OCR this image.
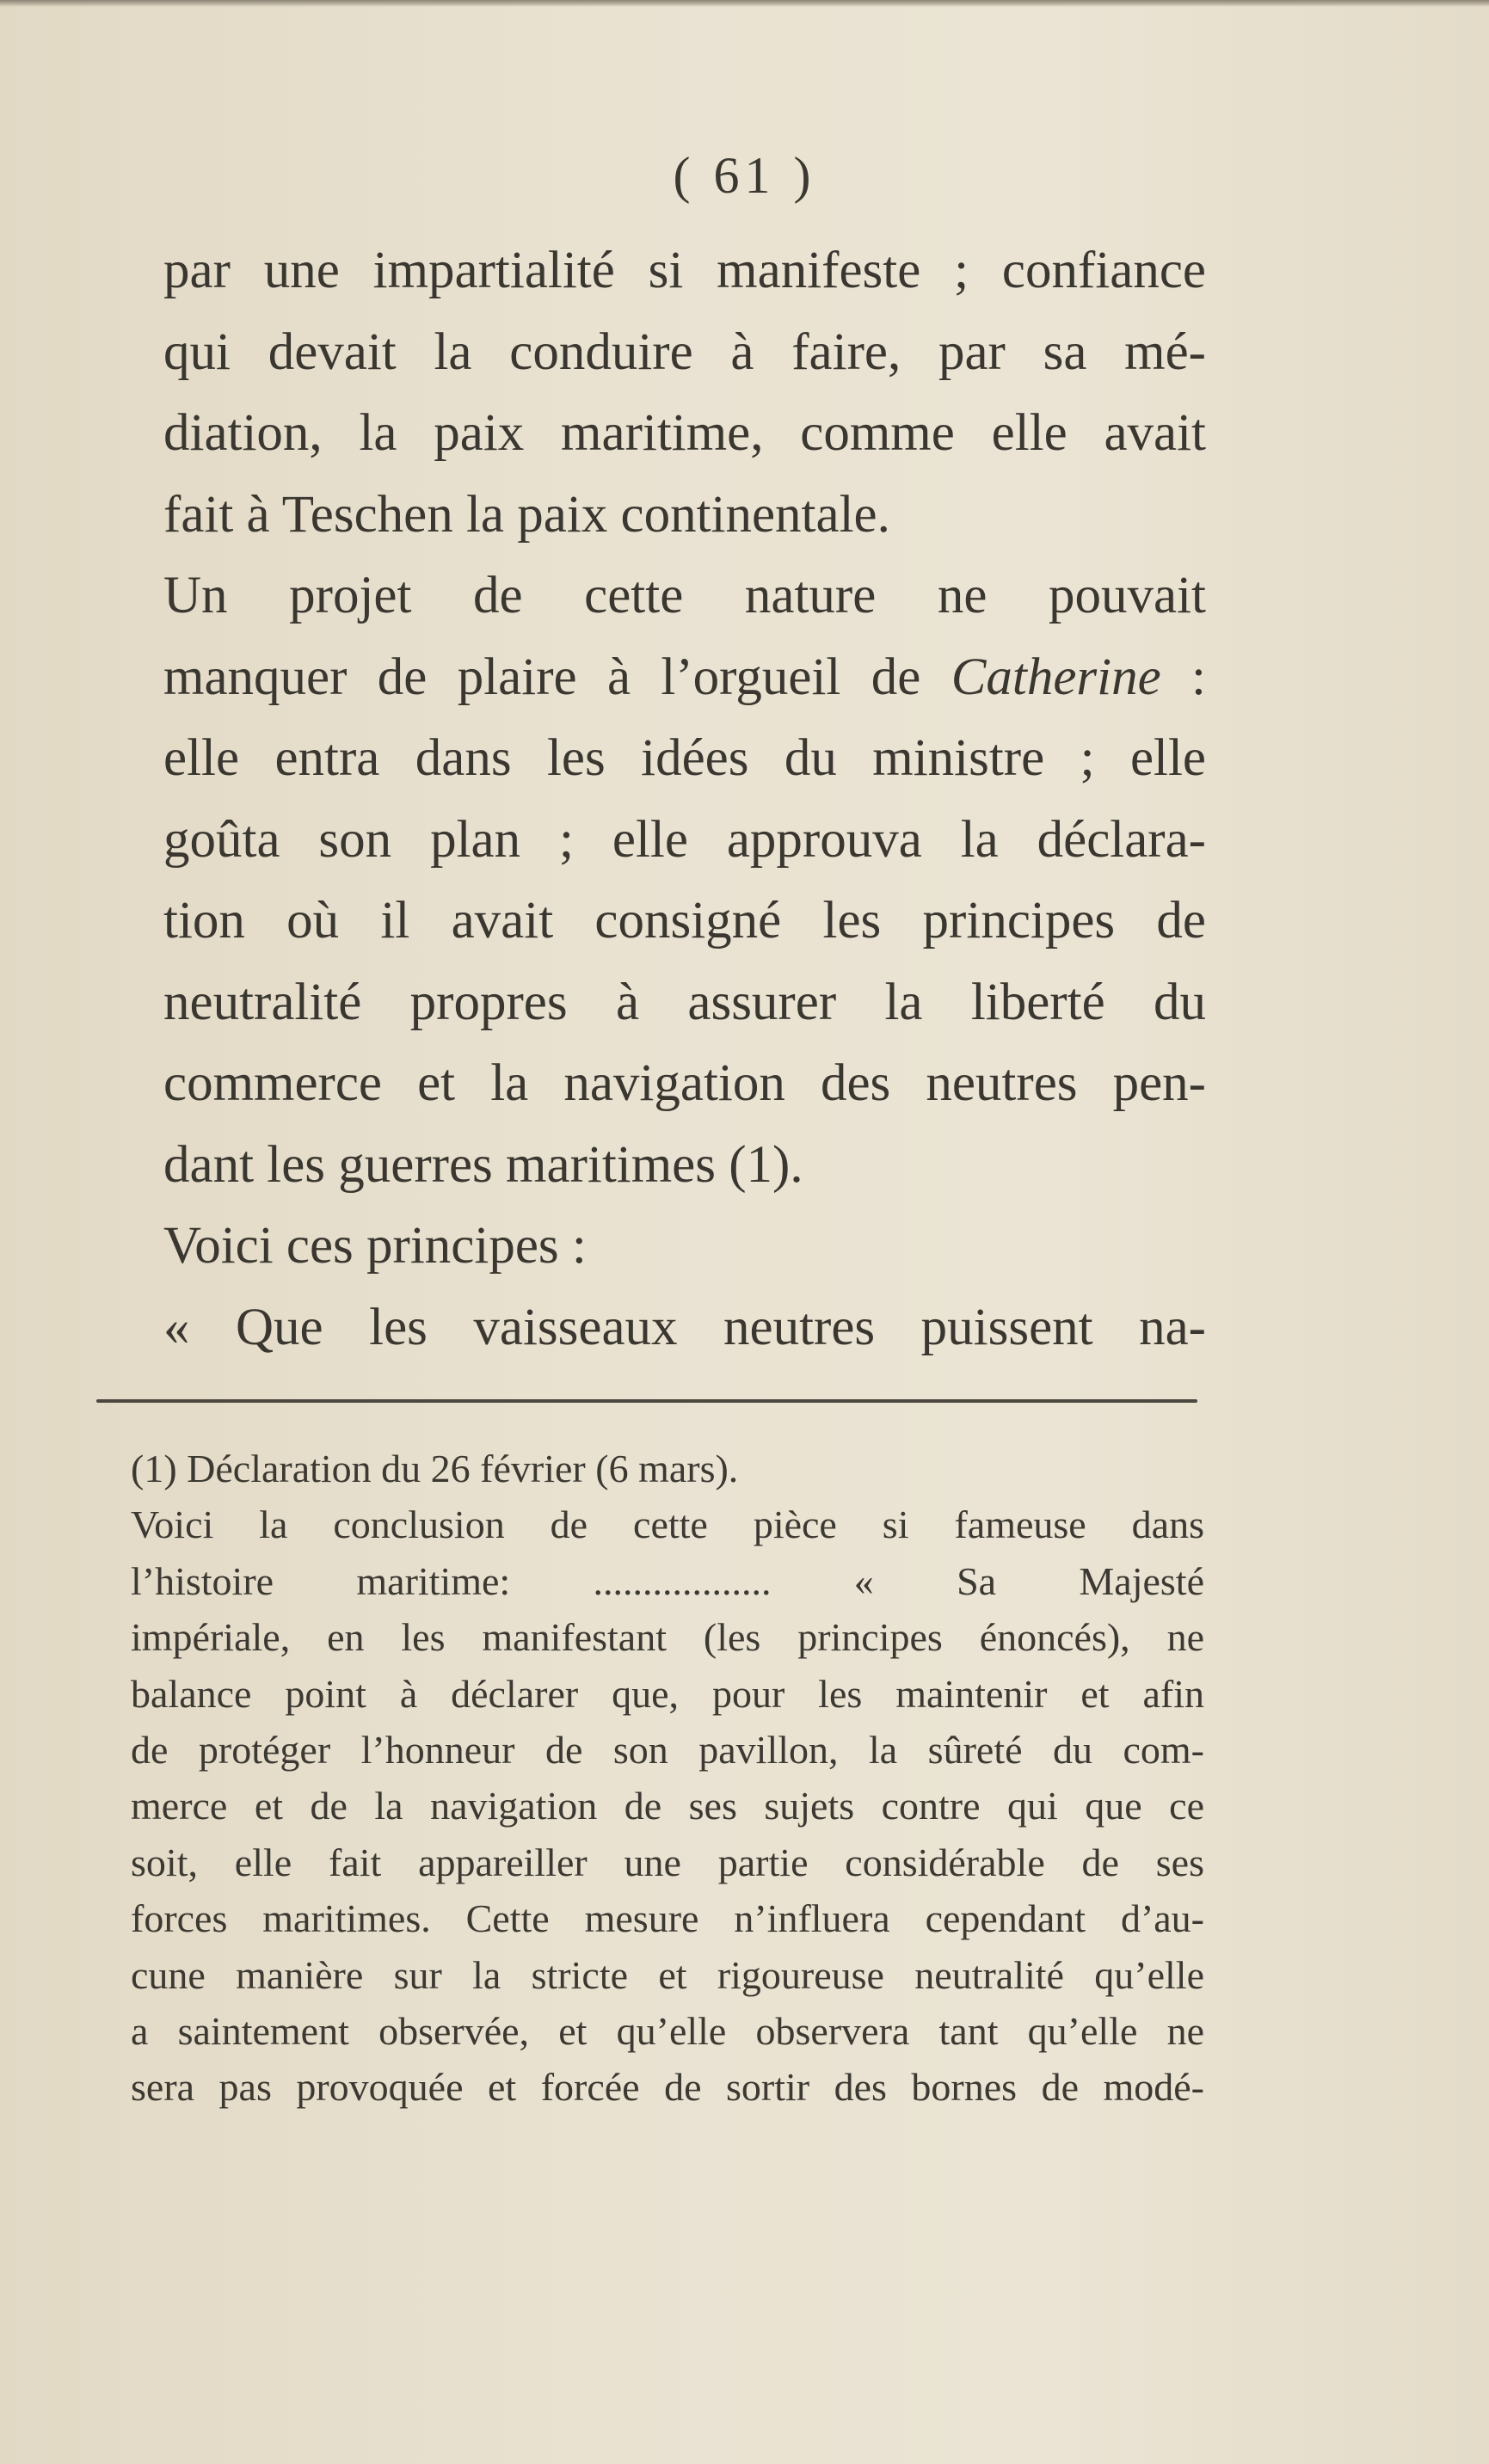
( 61 )
par une impartialité si manifeste ; confiance
qui devait la conduire à faire, par sa mé-
diation, la paix maritime, comme elle avait
fait à Teschen la paix continentale.
Un projet de cette nature ne pouvait
manquer de plaire à l’orgueil de Catherine :
elle entra dans les idées du ministre ; elle
goûta son plan ; elle approuva la déclara-
tion où il avait consigné les principes de
neutralité propres à assurer la liberté du
commerce et la navigation des neutres pen-
dant les guerres maritimes (1).
Voici ces principes :
« Que les vaisseaux neutres puissent na-
(1) Déclaration du 26 février (6 mars).
Voici la conclusion de cette pièce si fameuse dans
l’histoire maritime: .................. « Sa Majesté
impériale, en les manifestant (les principes énoncés), ne
balance point à déclarer que, pour les maintenir et afin
de protéger l’honneur de son pavillon, la sûreté du com-
merce et de la navigation de ses sujets contre qui que ce
soit, elle fait appareiller une partie considérable de ses
forces maritimes. Cette mesure n’influera cependant d’au-
cune manière sur la stricte et rigoureuse neutralité qu’elle
a saintement observée, et qu’elle observera tant qu’elle ne
sera pas provoquée et forcée de sortir des bornes de modé-
